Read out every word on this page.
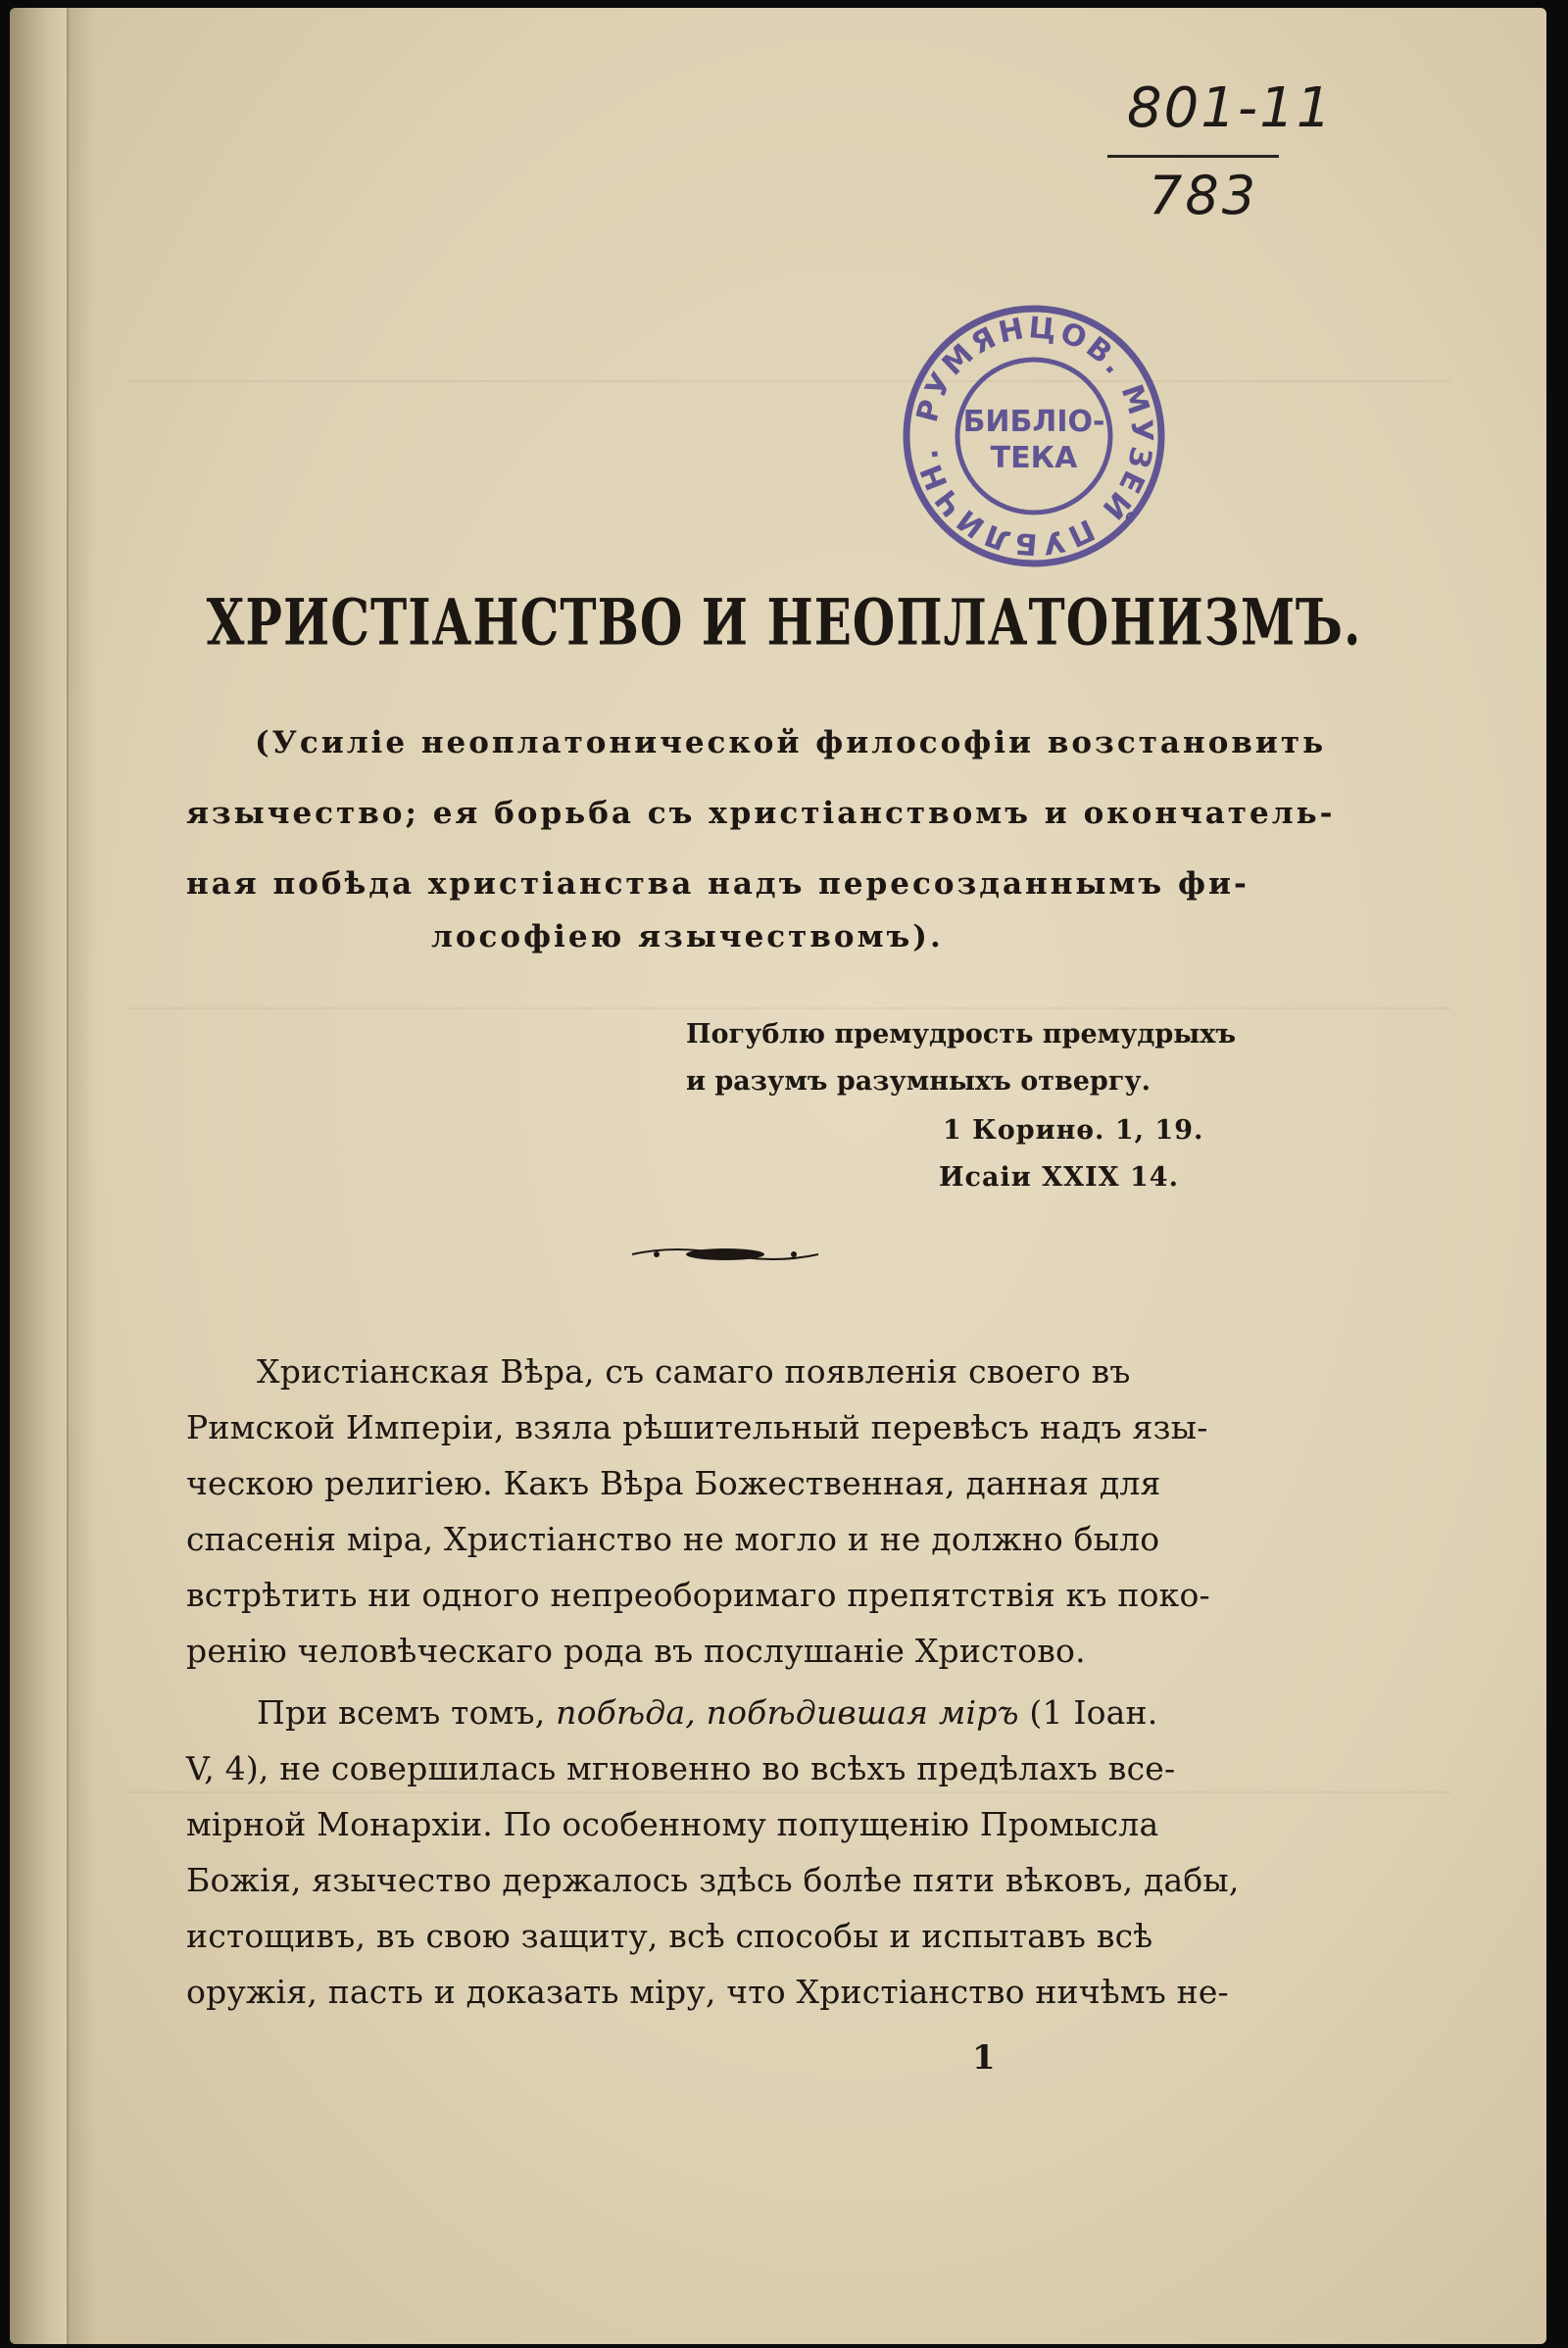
801-11
783
РУМЯНЦОВ. МУЗЕЙ ПУБЛИЧН.
БИБЛІО-
ТЕКА
ХРИСТІАНСТВО И НЕОПЛАТОНИЗМЪ.
(Усиліе неоплатонической философіи возстановить
язычество; ея борьба съ христіанствомъ и окончатель-
ная побѣда христіанства надъ пересозданнымъ фи-
лософіею язычествомъ).
Погублю премудрость премудрыхъ
и разумъ разумныхъ отвергу.
1 Коринѳ. 1, 19.
Исаіи XXIX 14.
Христіанская Вѣра, съ самаго появленія своего въ
Римской Имперіи, взяла рѣшительный перевѣсъ надъ язы-
ческою религіею. Какъ Вѣра Божественная, данная для
спасенія міра, Христіанство не могло и не должно было
встрѣтить ни одного непреоборимаго препятствія къ поко-
ренію человѣческаго рода въ послушаніе Христово.
При всемъ томъ, побѣда, побѣдившая міръ (1 Іоан.
V, 4), не совершилась мгновенно во всѣхъ предѣлахъ все-
мірной Монархіи. По особенному попущенію Промысла
Божія, язычество держалось здѣсь болѣе пяти вѣковъ, дабы,
истощивъ, въ свою защиту, всѣ способы и испытавъ всѣ
оружія, пасть и доказать міру, что Христіанство ничѣмъ не-
1
